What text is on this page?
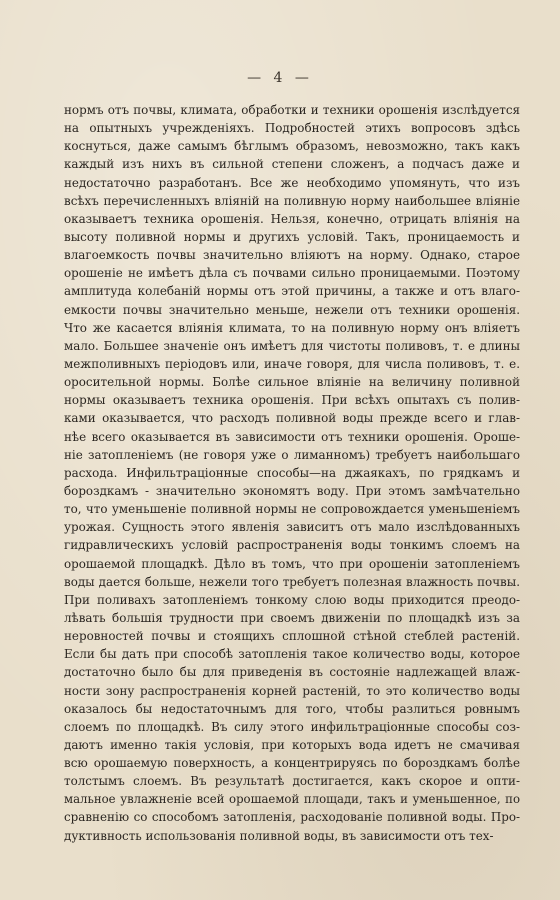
— 4 —
нормъ отъ почвы, климата, обработки и техники орошенія изслѣдуется
на опытныхъ учрежденіяхъ. Подробностей этихъ вопросовъ здѣсь
коснуться, даже самымъ бѣглымъ образомъ, невозможно, такъ какъ
каждый изъ нихъ въ сильной степени сложенъ, а подчасъ даже и
недостаточно разработанъ. Все же необходимо упомянуть, что изъ
всѣхъ перечисленныхъ вліяній на поливную норму наибольшее вліяніе
оказываетъ техника орошенія. Нельзя, конечно, отрицать вліянія на
высоту поливной нормы и другихъ условій. Такъ, проницаемость и
влагоемкость почвы значительно вліяютъ на норму. Однако, старое
орошеніе не имѣетъ дѣла съ почвами сильно проницаемыми. Поэтому
амплитуда колебаній нормы отъ этой причины, а также и отъ влаго-
емкости почвы значительно меньше, нежели отъ техники орошенія.
Что же касается вліянія климата, то на поливную норму онъ вліяетъ
мало. Большее значеніе онъ имѣетъ для чистоты поливовъ, т. е длины
межполивныхъ періодовъ или, иначе говоря, для числа поливовъ, т. е.
оросительной нормы. Болѣе сильное вліяніе на величину поливной
нормы оказываетъ техника орошенія. При всѣхъ опытахъ съ полив-
ками оказывается, что расходъ поливной воды прежде всего и глав-
нѣе всего оказывается въ зависимости отъ техники орошенія. Ороше-
ніе затопленіемъ (не говоря уже о лиманномъ) требуетъ наибольшаго
расхода. Инфильтраціонные способы—на джаякахъ, по грядкамъ и
бороздкамъ - значительно экономятъ воду. При этомъ замѣчательно
то, что уменьшеніе поливной нормы не сопровождается уменьшеніемъ
урожая. Сущность этого явленія зависитъ отъ мало изслѣдованныхъ
гидравлическихъ условій распространенія воды тонкимъ слоемъ на
орошаемой площадкѣ. Дѣло въ томъ, что при орошеніи затопленіемъ
воды дается больше, нежели того требуетъ полезная влажность почвы.
При поливахъ затопленіемъ тонкому слою воды приходится преодо-
лѣвать большія трудности при своемъ движеніи по площадкѣ изъ за
неровностей почвы и стоящихъ сплошной стѣной стеблей растеній.
Если бы дать при способѣ затопленія такое количество воды, которое
достаточно было бы для приведенія въ состояніе надлежащей влаж-
ности зону распространенія корней растеній, то это количество воды
оказалось бы недостаточнымъ для того, чтобы разлиться ровнымъ
слоемъ по площадкѣ. Въ силу этого инфильтраціонные способы соз-
даютъ именно такія условія, при которыхъ вода идетъ не смачивая
всю орошаемую поверхность, а концентрируясь по бороздкамъ болѣе
толстымъ слоемъ. Въ результатѣ достигается, какъ скорое и опти-
мальное увлажненіе всей орошаемой площади, такъ и уменьшенное, по
сравненію со способомъ затопленія, расходованіе поливной воды. Про-
дуктивность использованія поливной воды, въ зависимости отъ тех-
